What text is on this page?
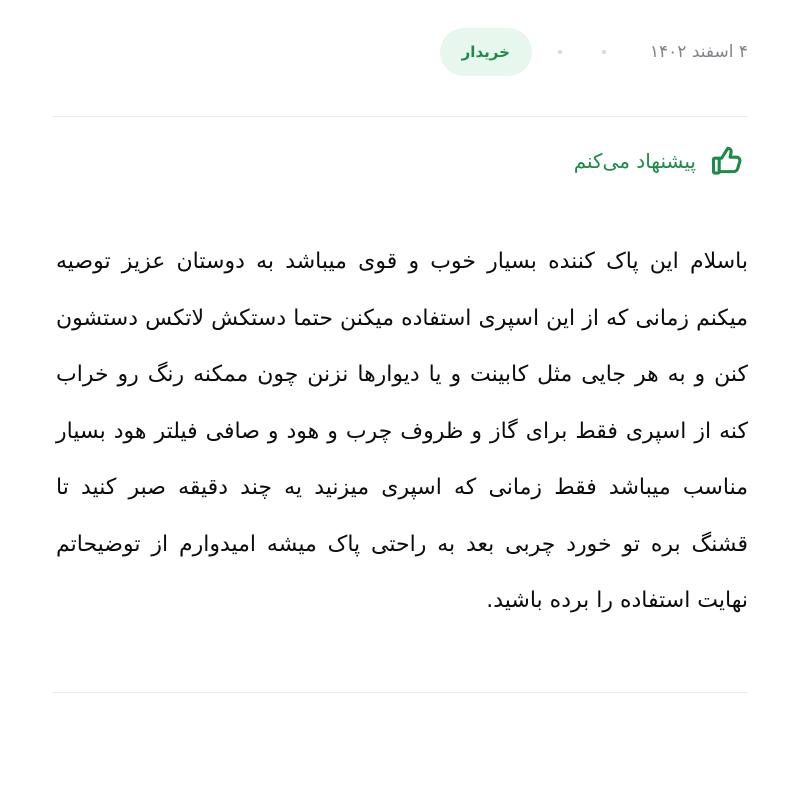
۴ اسفند ۱۴۰۲
خریدار
پیشنهاد می‌کنم

باسلام این پاک کننده بسیار خوب و قوی میباشد به دوستان عزیز توصیه میکنم زمانی که از این اسپری استفاده میکنن حتما دستکش لاتکس دستشون کنن و به هر جایی مثل کابینت و یا دیوارها نزنن چون ممکنه رنگ رو خراب کنه از اسپری فقط برای گاز و ظروف چرب و هود و صافی فیلتر هود بسیار مناسب میباشد فقط زمانی که اسپری میزنید یه چند دقیقه صبر کنید تا قشنگ بره تو خورد چربی بعد به راحتی پاک میشه امیدوارم از توضیحاتم نهایت استفاده را برده باشید.
